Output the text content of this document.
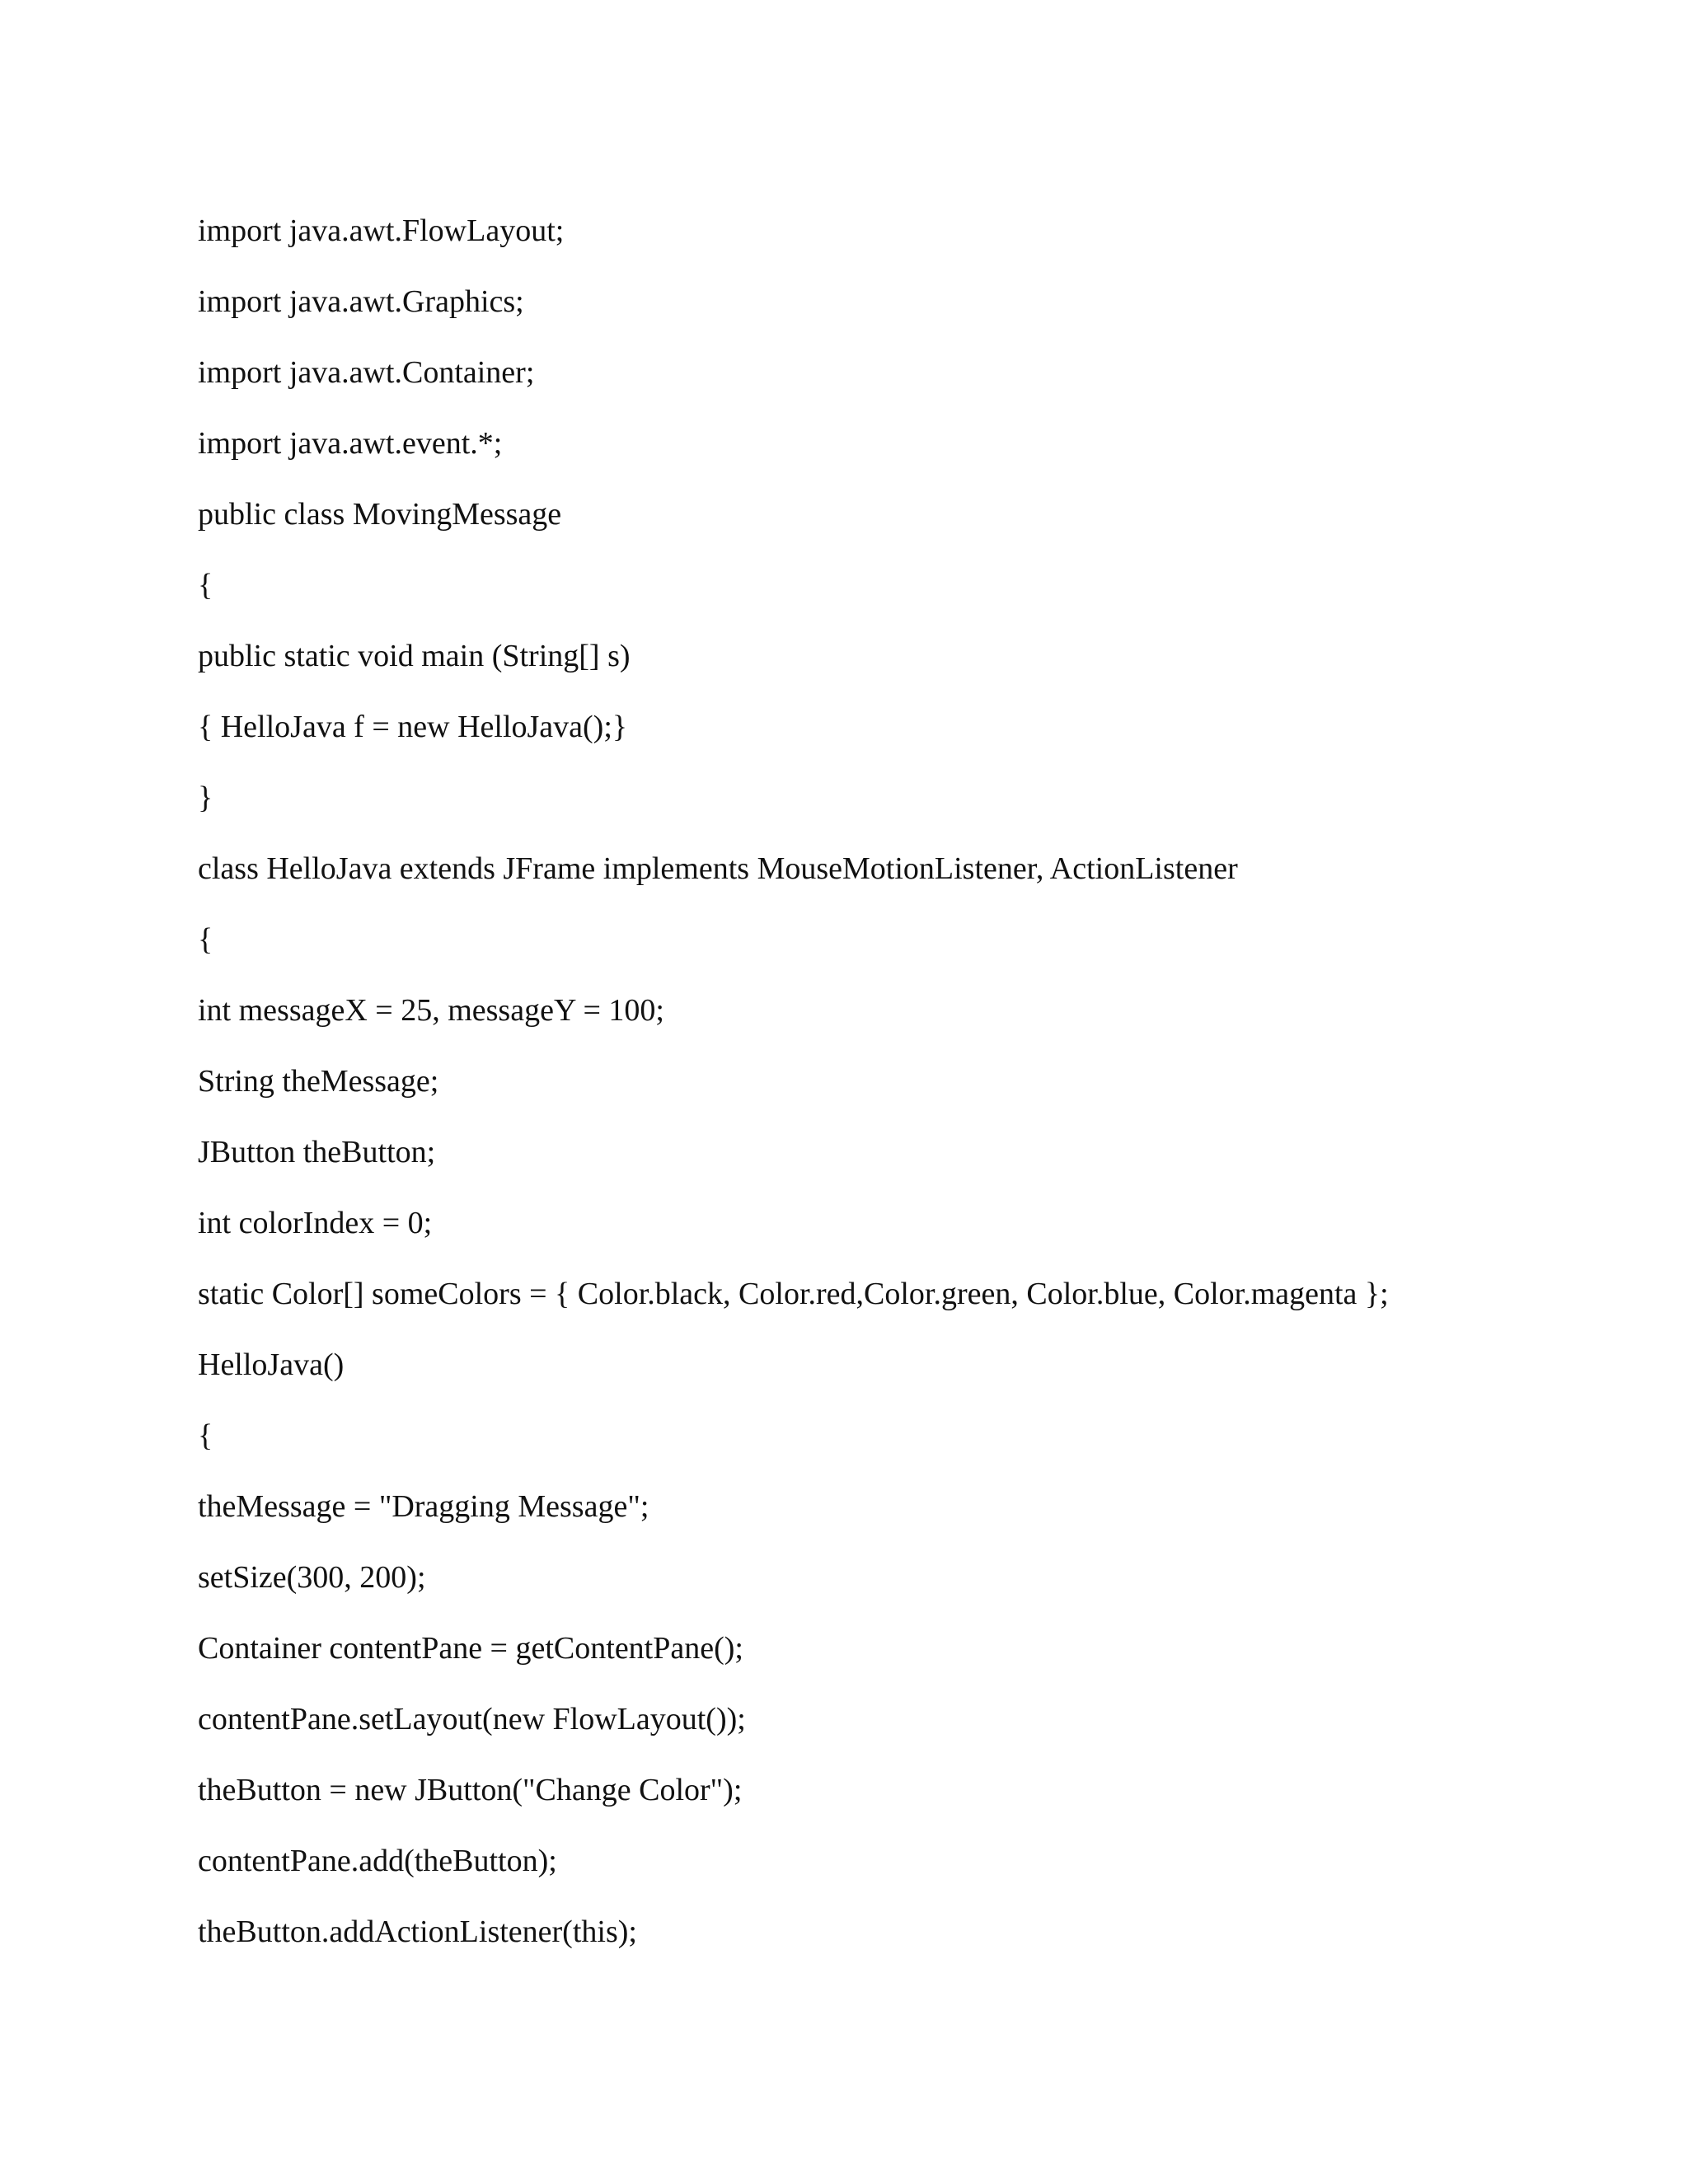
import java.awt.FlowLayout;
import java.awt.Graphics;
import java.awt.Container;
import java.awt.event.*;
public class MovingMessage
{
public static void main (String[] s)
{ HelloJava f = new HelloJava();}
}
class HelloJava extends JFrame implements MouseMotionListener, ActionListener
{
int messageX = 25, messageY = 100;
String theMessage;
JButton theButton;
int colorIndex = 0;
static Color[] someColors = { Color.black, Color.red,Color.green, Color.blue, Color.magenta };
HelloJava()
{
theMessage = "Dragging Message";
setSize(300, 200);
Container contentPane = getContentPane();
contentPane.setLayout(new FlowLayout());
theButton = new JButton("Change Color");
contentPane.add(theButton);
theButton.addActionListener(this);
